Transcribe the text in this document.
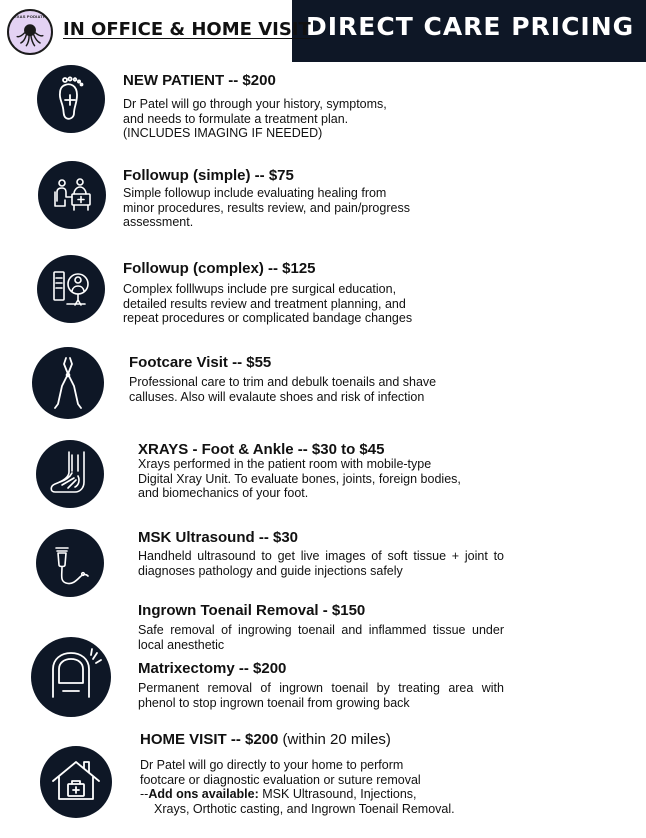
DIRECT CARE PRICING
IN OFFICE & HOME VISIT
TEXAS PODIATRY
NEW PATIENT -- $200
Dr Patel will go through your history, symptoms,
and needs to formulate a treatment plan.
(INCLUDES IMAGING IF NEEDED)
Followup (simple) -- $75
Simple followup include evaluating healing from
minor procedures, results review, and pain/progress
assessment.
Followup (complex) -- $125
Complex folllwups include pre surgical education,
detailed results review and treatment planning, and
repeat procedures or complicated bandage changes
Footcare Visit -- $55
Professional care to trim and debulk toenails and shave
calluses. Also will evalaute shoes and risk of infection
XRAYS - Foot & Ankle -- $30 to $45
Xrays performed in the patient room with mobile-type
Digital Xray Unit. To evaluate bones, joints, foreign bodies,
and biomechanics of your foot.
MSK Ultrasound -- $30
Handheld ultrasound to get live images of soft tissue + joint to diagnoses pathology and guide injections safely
Ingrown Toenail Removal - $150
Safe removal of ingrowing toenail and inflammed tissue under local anesthetic
Matrixectomy -- $200
Permanent removal of ingrown toenail by treating area with phenol to stop ingrown toenail from growing back
HOME VISIT -- $200 (within 20 miles)
Dr Patel will go directly to your home to perform
footcare or diagnostic evaluation or suture removal
--Add ons available: MSK Ultrasound, Injections,
Xrays, Orthotic casting, and Ingrown Toenail Removal.
